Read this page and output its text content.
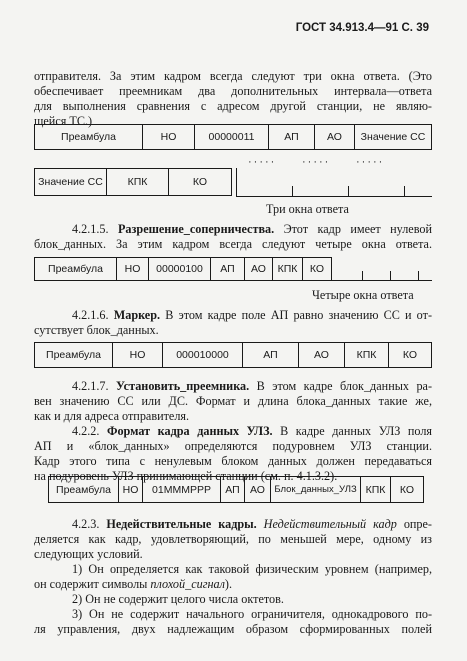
ГОСТ 34.913.4—91 С. 39
отправителя. За этим кадром всегда следуют три окна ответа. (Это
обеспечивает преемникам два дополнительных интервала—ответа
для выполнения сравнения с адресом другой станции, не являю-
щейся ТС.)
Преамбула	НО	00000011	АП	АО	Значение СС
Значение СС	КПК	КО
····· ····· ·····
Три окна ответа
4.2.1.5. Разрешение_соперничества. Этот кадр имеет нулевой
блок_данных. За этим кадром всегда следуют четыре окна ответа.
Преамбула	НО	00000100	АП	АО	КПК	КО
Четыре окна ответа
4.2.1.6. Маркер. В этом кадре поле АП равно значению СС и от-
сутствует блок_данных.
Преамбула	НО	000010000	АП	АО	КПК	КО
4.2.1.7. Установить_преемника. В этом кадре блок_данных ра-
вен значению СС или ДС. Формат и длина блока_данных такие же,
как и для адреса отправителя.
4.2.2. Формат кадра данных УЛЗ. В кадре данных УЛЗ поля
АП и «блок_данных» определяются подуровнем УЛЗ станции.
Кадр этого типа с ненулевым блоком данных должен передаваться
на подуровень УЛЗ принимающей станции (см. п. 4.1.3.2).
Преамбула	НО	01ММMPPP	АП АО Блок_данных_УЛЗ КПК	КО
4.2.3. Недействительные кадры. Недействительный кадр опре-
деляется как кадр, удовлетворяющий, по меньшей мере, одному из
следующих условий.
1) Он определяется как таковой физическим уровнем (например,
он содержит символы плохой_сигнал).
2) Он не содержит целого числа октетов.
3) Он не содержит начального ограничителя, однокадрового по-
ля управления, двух надлежащим образом сформированных полей
